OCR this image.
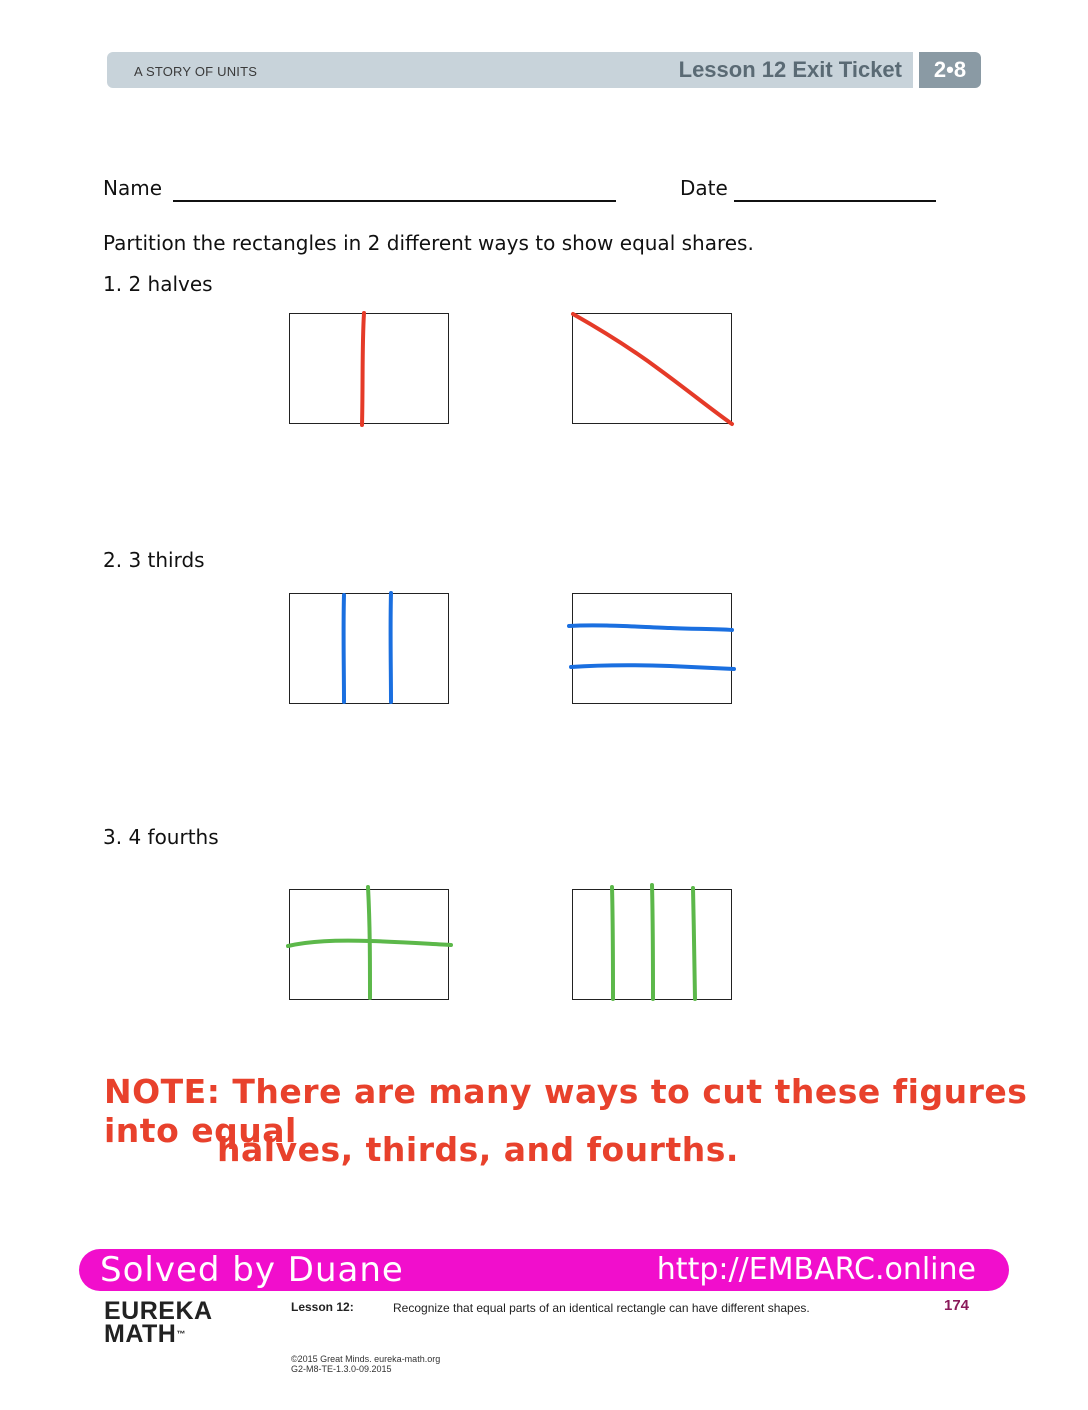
A STORY OF UNITS	Lesson 12 Exit Ticket	2•8
Name	Date
Partition the rectangles in 2 different ways to show equal shares.
1. 2 halves
2. 3 thirds
3. 4 fourths
NOTE: There are many ways to cut these figures into equal
halves, thirds, and fourths.
Solved by Duane	http://EMBARC.online
EUREKA
MATH™
Lesson 12:	Recognize that equal parts of an identical rectangle can have different shapes.	174
©2015 Great Minds. eureka-math.org
G2-M8-TE-1.3.0-09.2015
